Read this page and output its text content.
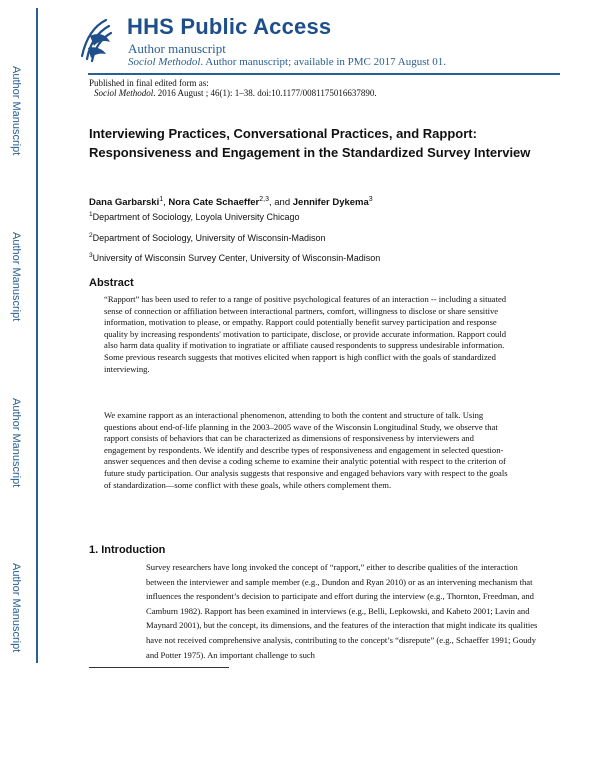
Author Manuscript
Author Manuscript
Author Manuscript
Author Manuscript
HHS Public Access
Author manuscript
Sociol Methodol. Author manuscript; available in PMC 2017 August 01.
Published in final edited form as:
Sociol Methodol. 2016 August ; 46(1): 1–38. doi:10.1177/0081175016637890.
Interviewing Practices, Conversational Practices, and Rapport: Responsiveness and Engagement in the Standardized Survey Interview
Dana Garbarski$^1$, Nora Cate Schaeffer$^{2,3}$, and Jennifer Dykema$^3$
$^1$Department of Sociology, Loyola University Chicago
$^2$Department of Sociology, University of Wisconsin-Madison
$^3$University of Wisconsin Survey Center, University of Wisconsin-Madison
Abstract

“Rapport” has been used to refer to a range of positive psychological features of an interaction -- including a situated sense of connection or affiliation between interactional partners, comfort, willingness to disclose or share sensitive information, motivation to please, or empathy. Rapport could potentially benefit survey participation and response quality by increasing respondents' motivation to participate, disclose, or provide accurate information. Rapport could also harm data quality if motivation to ingratiate or affiliate caused respondents to suppress undesirable information. Some previous research suggests that motives elicited when rapport is high conflict with the goals of standardized interviewing.

We examine rapport as an interactional phenomenon, attending to both the content and structure of talk. Using questions about end-of-life planning in the 2003–2005 wave of the Wisconsin Longitudinal Study, we observe that rapport consists of behaviors that can be characterized as dimensions of responsiveness by interviewers and engagement by respondents. We identify and describe types of responsiveness and engagement in selected question-answer sequences and then devise a coding scheme to examine their analytic potential with respect to the criterion of future study participation. Our analysis suggests that responsive and engaged behaviors vary with respect to the goals of standardization—some conflict with these goals, while others complement them.

1. Introduction

Survey researchers have long invoked the concept of “rapport,” either to describe qualities of the interaction between the interviewer and sample member (e.g., Dundon and Ryan 2010) or as an intervening mechanism that influences the respondent’s decision to participate and effort during the interview (e.g., Thornton, Freedman, and Camburn 1982). Rapport has been examined in interviews (e.g., Belli, Lepkowski, and Kabeto 2001; Lavin and Maynard 2001), but the concept, its dimensions, and the features of the interaction that might indicate its qualities have not received comprehensive analysis, contributing to the concept’s “disrepute” (e.g., Schaeffer 1991; Goudy and Potter 1975). An important challenge to such
